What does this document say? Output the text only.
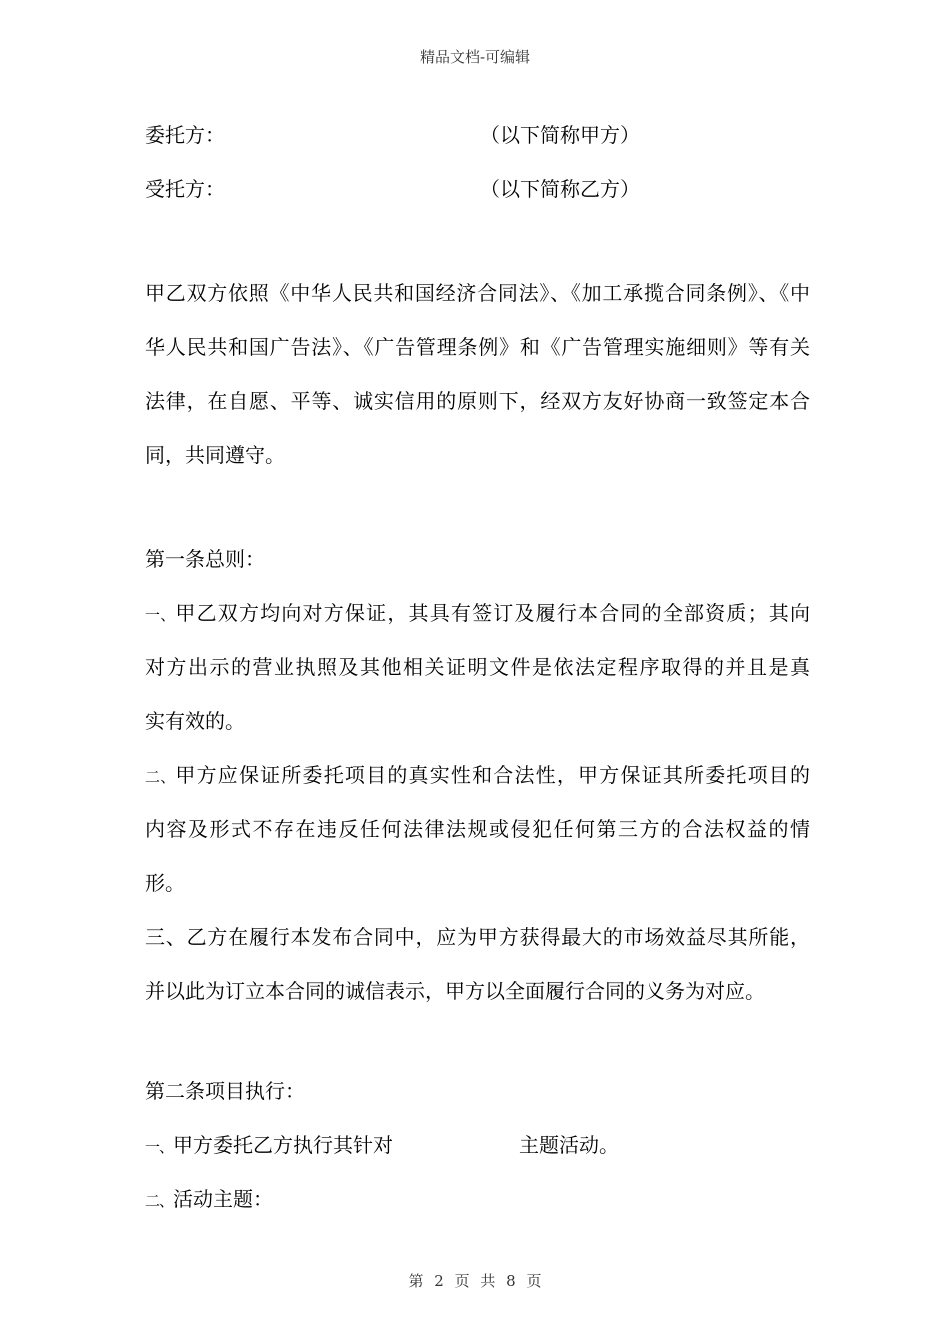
精品文档-可编辑
委托方：	（以下简称甲方）
受托方：	（以下简称乙方）
甲乙双方依照《中华人民共和国经济合同法》、《加工承揽合同条例》、《中
华人民共和国广告法》、《广告管理条例》和《广告管理实施细则》等有关
法律，在自愿、平等、诚实信用的原则下，经双方友好协商一致签定本合
同，共同遵守。
第一条总则：
一、甲乙双方均向对方保证，其具有签订及履行本合同的全部资质；其向
对方出示的营业执照及其他相关证明文件是依法定程序取得的并且是真
实有效的。
二、甲方应保证所委托项目的真实性和合法性，甲方保证其所委托项目的
内容及形式不存在违反任何法律法规或侵犯任何第三方的合法权益的情
形。
三、乙方在履行本发布合同中，应为甲方获得最大的市场效益尽其所能，
并以此为订立本合同的诚信表示，甲方以全面履行合同的义务为对应。
第二条项目执行：
一、甲方委托乙方执行其针对	主题活动。
二、活动主题：
第 2 页 共 8 页
